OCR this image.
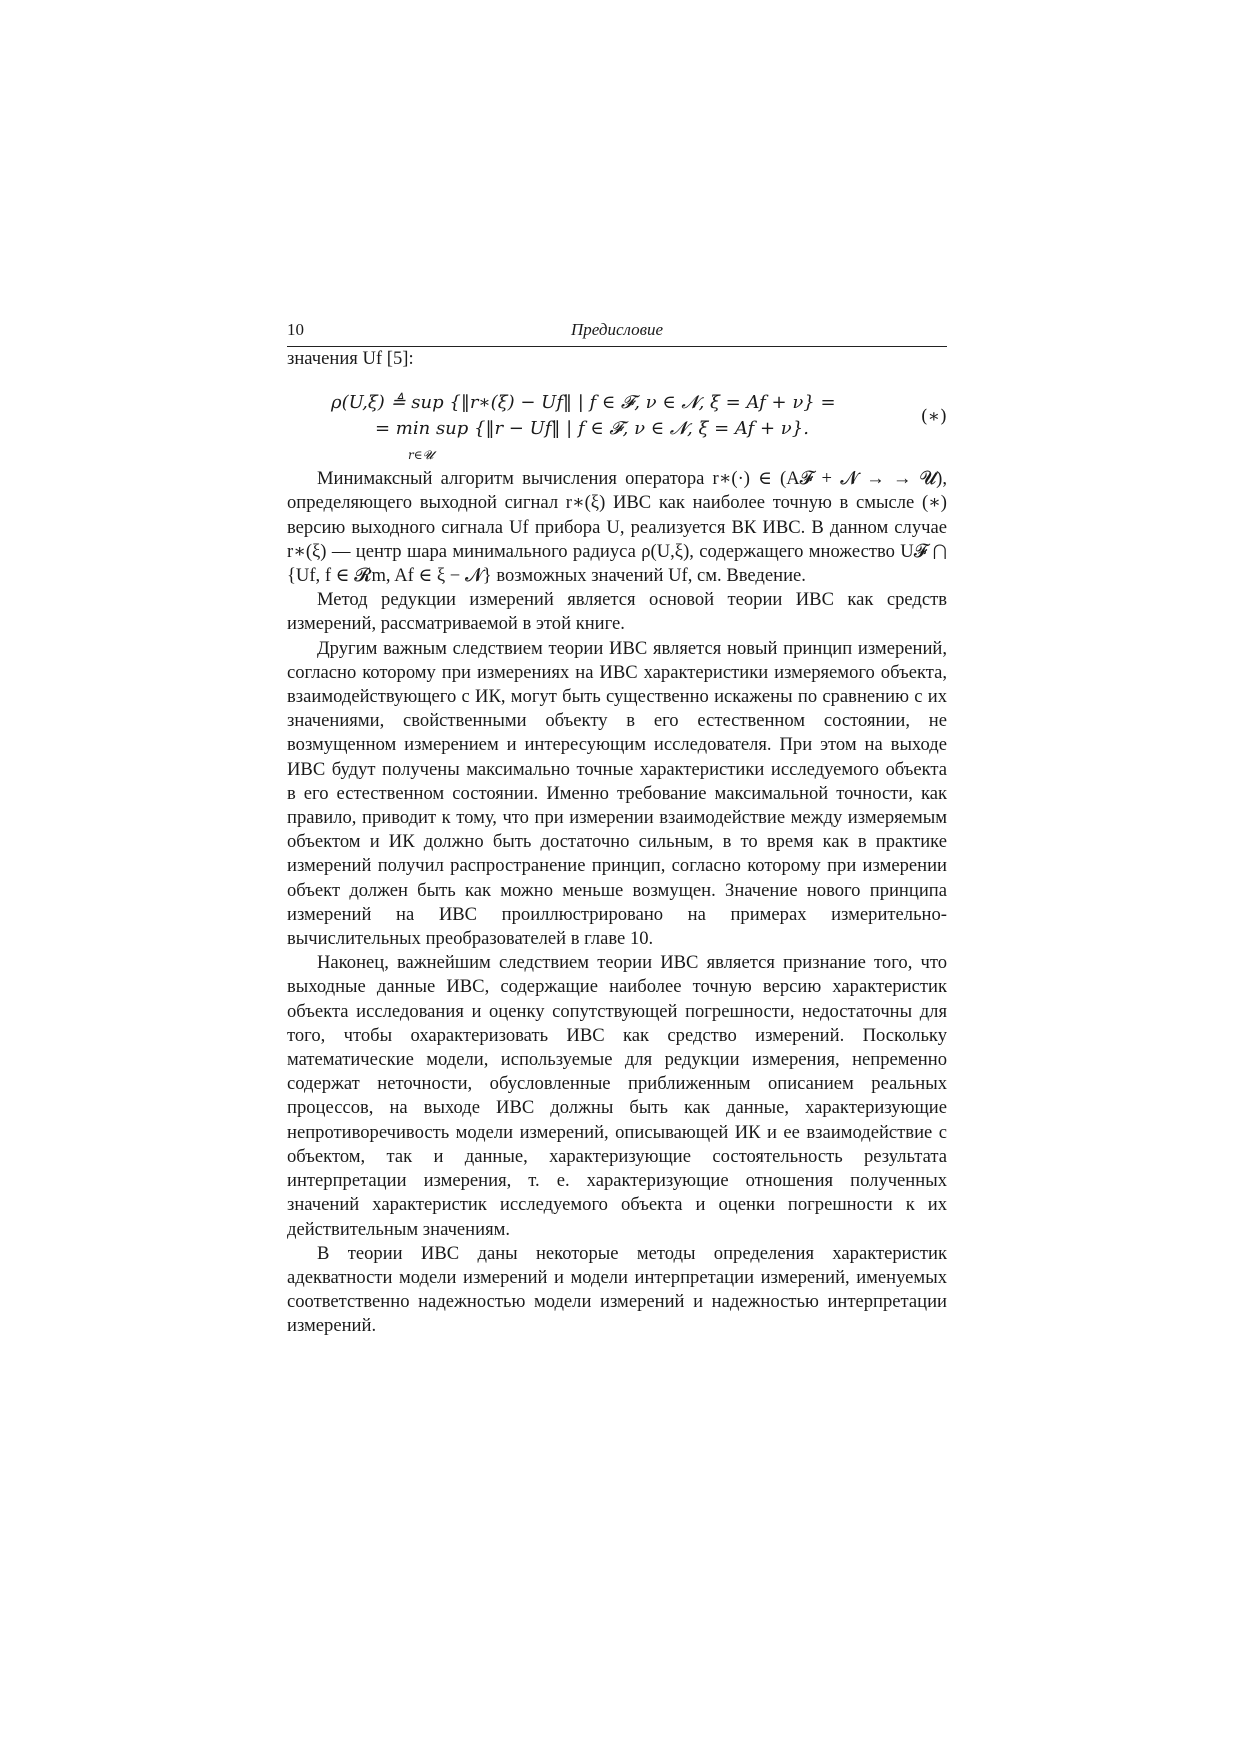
10	Предисловие

значения Uf [5]:

ρ(U,ξ) ≜ sup {‖r∗(ξ) − Uf‖ | f ∈ 𝓕, ν ∈ 𝓝, ξ = Af + ν} =
= min sup {‖r − Uf‖ | f ∈ 𝓕, ν ∈ 𝓝, ξ = Af + ν}.
r∈𝓤
(∗)

Минимаксный алгоритм вычисления оператора r∗(·) ∈ (A𝓕 + 𝓝 → → 𝓤), определяющего выходной сигнал r∗(ξ) ИВС как наиболее точную в смысле (∗) версию выходного сигнала Uf прибора U, реализуется ВК ИВС. В данном случае r∗(ξ) — центр шара минимального радиуса ρ(U,ξ), содержащего множество U𝓕 ⋂ {Uf, f ∈ 𝓡m, Af ∈ ξ − 𝓝} возможных значений Uf, см. Введение.

Метод редукции измерений является основой теории ИВС как средств измерений, рассматриваемой в этой книге.

Другим важным следствием теории ИВС является новый принцип измерений, согласно которому при измерениях на ИВС характеристики измеряемого объекта, взаимодействующего с ИК, могут быть существенно искажены по сравнению с их значениями, свойственными объекту в его естественном состоянии, не возмущенном измерением и интересующим исследователя. При этом на выходе ИВС будут получены максимально точные характеристики исследуемого объекта в его естественном состоянии. Именно требование максимальной точности, как правило, приводит к тому, что при измерении взаимодействие между измеряемым объектом и ИК должно быть достаточно сильным, в то время как в практике измерений получил распространение принцип, согласно которому при измерении объект должен быть как можно меньше возмущен. Значение нового принципа измерений на ИВС проиллюстрировано на примерах измерительно-вычислительных преобразователей в главе 10.

Наконец, важнейшим следствием теории ИВС является признание того, что выходные данные ИВС, содержащие наиболее точную версию характеристик объекта исследования и оценку сопутствующей погрешности, недостаточны для того, чтобы охарактеризовать ИВС как средство измерений. Поскольку математические модели, используемые для редукции измерения, непременно содержат неточности, обусловленные приближенным описанием реальных процессов, на выходе ИВС должны быть как данные, характеризующие непротиворечивость модели измерений, описывающей ИК и ее взаимодействие с объектом, так и данные, характеризующие состоятельность результата интерпретации измерения, т. е. характеризующие отношения полученных значений характеристик исследуемого объекта и оценки погрешности к их действительным значениям.

В теории ИВС даны некоторые методы определения характеристик адекватности модели измерений и модели интерпретации измерений, именуемых соответственно надежностью модели измерений и надежностью интерпретации измерений.
